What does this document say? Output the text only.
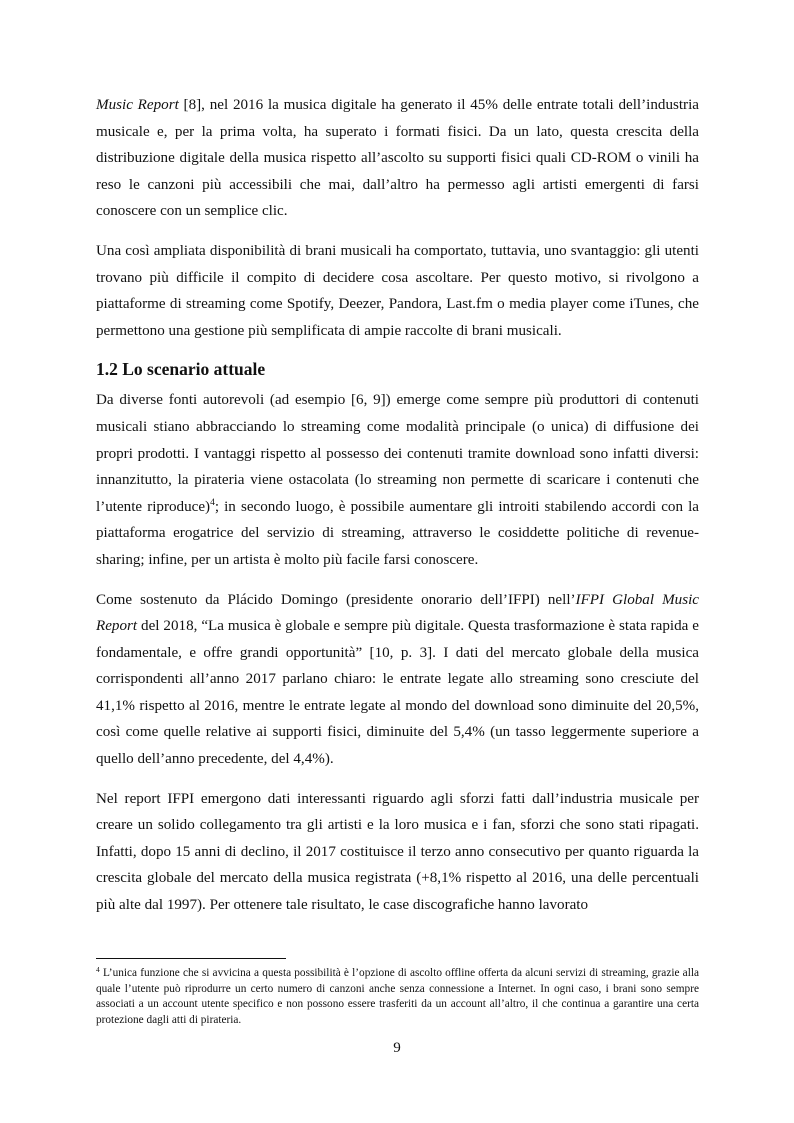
Music Report [8], nel 2016 la musica digitale ha generato il 45% delle entrate totali dell’industria musicale e, per la prima volta, ha superato i formati fisici. Da un lato, questa crescita della distribuzione digitale della musica rispetto all’ascolto su supporti fisici quali CD-ROM o vinili ha reso le canzoni più accessibili che mai, dall’altro ha permesso agli artisti emergenti di farsi conoscere con un semplice clic.

Una così ampliata disponibilità di brani musicali ha comportato, tuttavia, uno svantaggio: gli utenti trovano più difficile il compito di decidere cosa ascoltare. Per questo motivo, si rivolgono a piattaforme di streaming come Spotify, Deezer, Pandora, Last.fm o media player come iTunes, che permettono una gestione più semplificata di ampie raccolte di brani musicali.

1.2 Lo scenario attuale

Da diverse fonti autorevoli (ad esempio [6, 9]) emerge come sempre più produttori di contenuti musicali stiano abbracciando lo streaming come modalità principale (o unica) di diffusione dei propri prodotti. I vantaggi rispetto al possesso dei contenuti tramite download sono infatti diversi: innanzitutto, la pirateria viene ostacolata (lo streaming non permette di scaricare i contenuti che l’utente riproduce)$^4$; in secondo luogo, è possibile aumentare gli introiti stabilendo accordi con la piattaforma erogatrice del servizio di streaming, attraverso le cosiddette politiche di revenue-sharing; infine, per un artista è molto più facile farsi conoscere.

Come sostenuto da Plácido Domingo (presidente onorario dell’IFPI) nell’IFPI Global Music Report del 2018, “La musica è globale e sempre più digitale. Questa trasformazione è stata rapida e fondamentale, e offre grandi opportunità” [10, p. 3]. I dati del mercato globale della musica corrispondenti all’anno 2017 parlano chiaro: le entrate legate allo streaming sono cresciute del 41,1% rispetto al 2016, mentre le entrate legate al mondo del download sono diminuite del 20,5%, così come quelle relative ai supporti fisici, diminuite del 5,4% (un tasso leggermente superiore a quello dell’anno precedente, del 4,4%).

Nel report IFPI emergono dati interessanti riguardo agli sforzi fatti dall’industria musicale per creare un solido collegamento tra gli artisti e la loro musica e i fan, sforzi che sono stati ripagati. Infatti, dopo 15 anni di declino, il 2017 costituisce il terzo anno consecutivo per quanto riguarda la crescita globale del mercato della musica registrata (+8,1% rispetto al 2016, una delle percentuali più alte dal 1997). Per ottenere tale risultato, le case discografiche hanno lavorato

$^4$ L’unica funzione che si avvicina a questa possibilità è l’opzione di ascolto offline offerta da alcuni servizi di streaming, grazie alla quale l’utente può riprodurre un certo numero di canzoni anche senza connessione a Internet. In ogni caso, i brani sono sempre associati a un account utente specifico e non possono essere trasferiti da un account all’altro, il che continua a garantire una certa protezione dagli atti di pirateria.

9
